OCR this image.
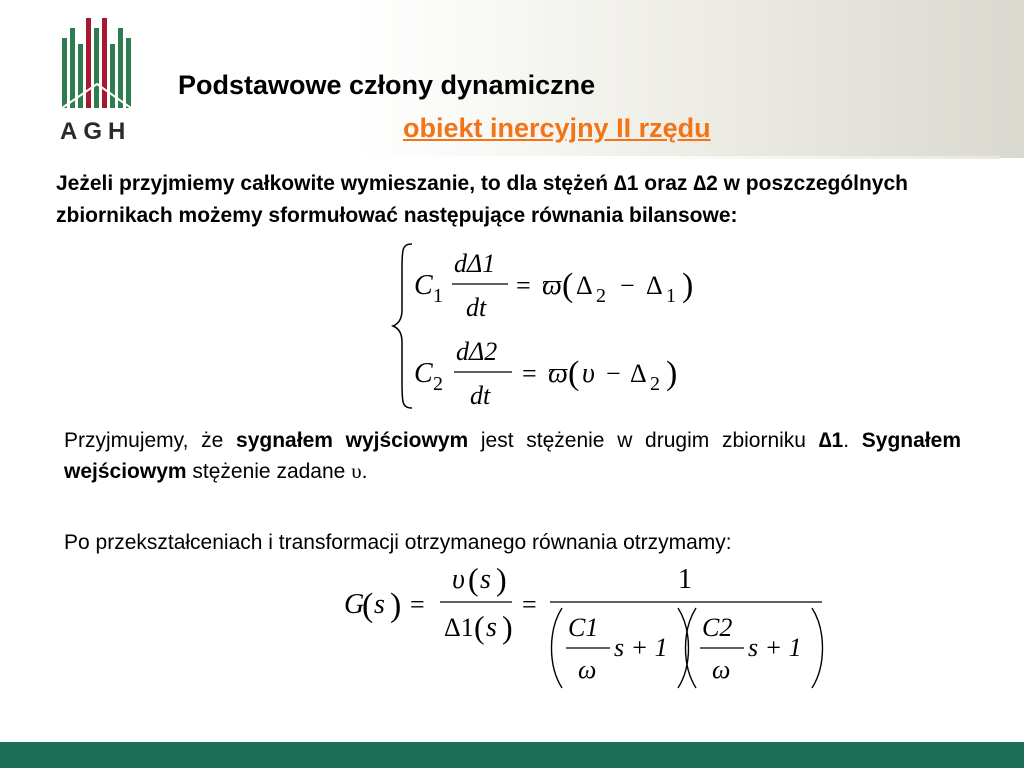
AGH
Podstawowe człony dynamiczne
obiekt inercyjny II rzędu
Jeżeli przyjmiemy całkowite wymieszanie, to dla stężeń ∆1 oraz ∆2 w poszczególnych zbiornikach możemy sformułować następujące równania bilansowe:
C 1
dΔ1
dt
= ϖ ( Δ 2 − Δ 1 )
C 2
dΔ2
dt
= ϖ ( υ − Δ 2 )
Przyjmujemy, że sygnałem wyjściowym jest stężenie w drugim zbiorniku ∆1. Sygnałem wejściowym stężenie zadane υ.
Po przekształceniach i transformacji otrzymanego równania otrzymamy:
G
( s ) =
υ ( s )
Δ1 ( s )
=
1
C1
ω
s + 1
C2
ω
s + 1
